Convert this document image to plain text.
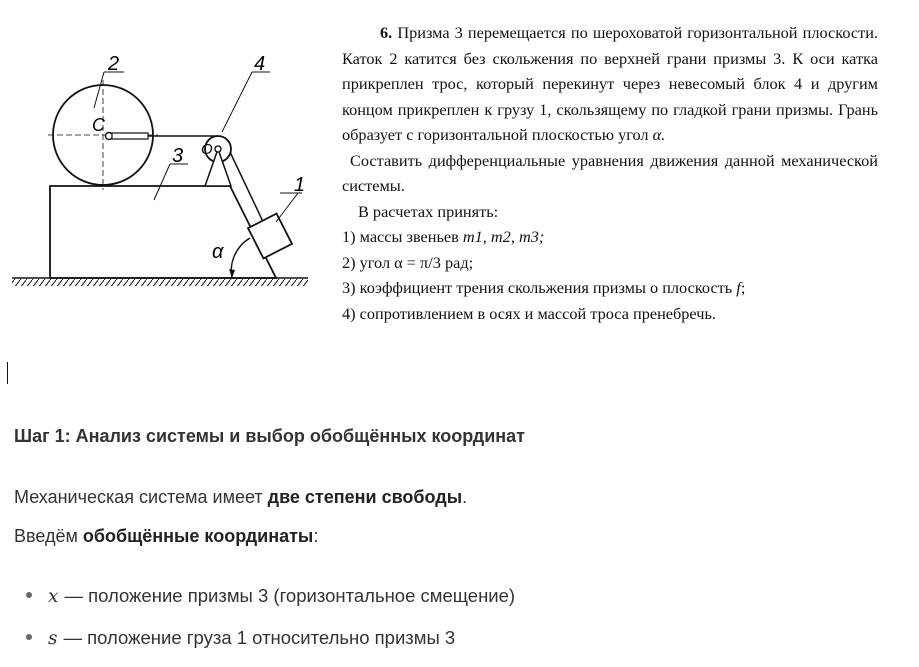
2	4
C
O
3
1
α

6. Призма 3 перемещается по шероховатой горизонтальной плоскости. Каток 2 катится без скольжения по верхней грани призмы 3. К оси катка прикреплен трос, который перекинут через невесомый блок 4 и другим концом прикреплен к грузу 1, скользящему по гладкой грани призмы. Грань образует с горизонтальной плоскостью угол α.

Составить дифференциальные уравнения движения данной механической системы.

В расчетах принять:

1) массы звеньев m1, m2, m3;

2) угол α = π/3 рад;

3) коэффициент трения скольжения призмы о плоскость f;

4) сопротивлением в осях и массой троса пренебречь.

Шаг 1: Анализ системы и выбор обобщённых координат

Механическая система имеет две степени свободы.

Введём обобщённые координаты:

x — положение призмы 3 (горизонтальное смещение)
s — положение груза 1 относительно призмы 3
